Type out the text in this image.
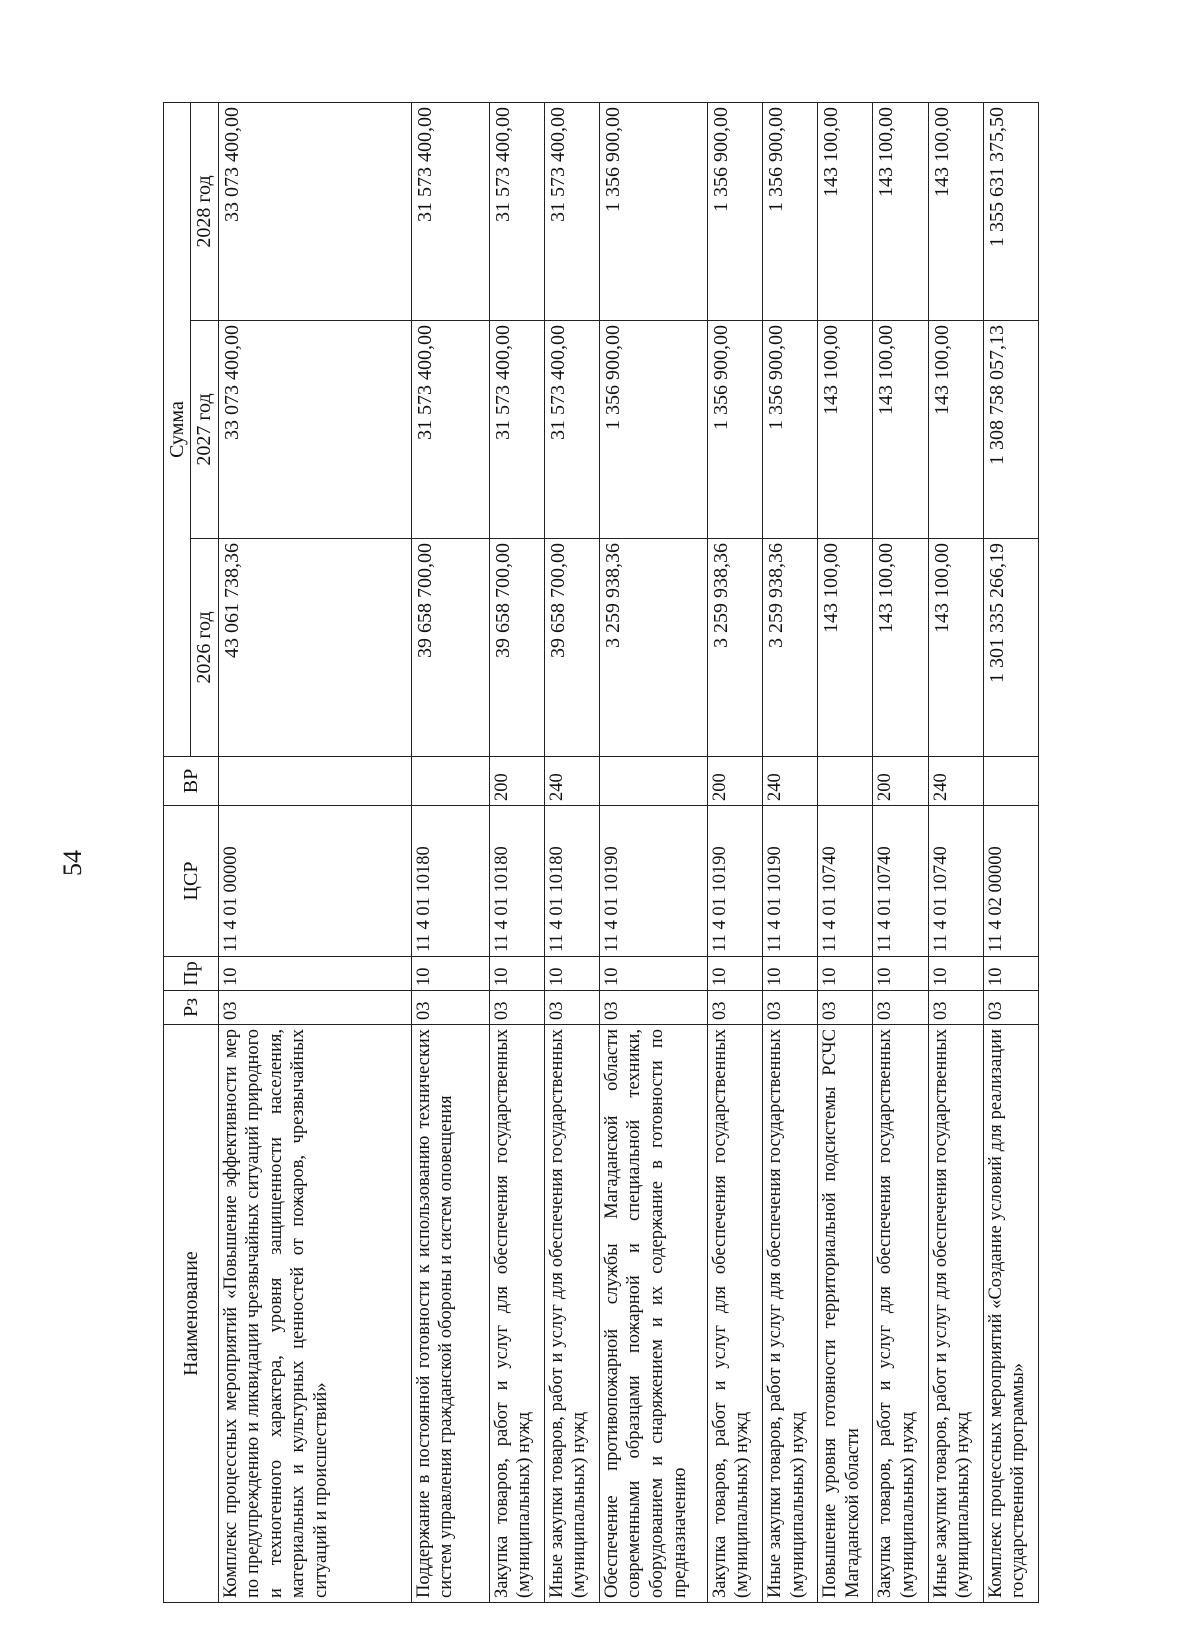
54
Наименование	Рз	Пр	ЦСР	ВР	Сумма		
					2026 год	2027 год	2028 год
Комплекс процессных мероприятий «Повышение эффективности мер по предупреждению и ликвидации чрезвычайных ситуаций природного и техногенного характера, уровня защищенности населения, материальных и культурных ценностей от пожаров, чрезвычайных ситуаций и происшествий»	03	10	11 4 01 00000		43 061 738,36	33 073 400,00	33 073 400,00
Поддержание в постоянной готовности к использованию технических систем управления гражданской обороны и систем оповещения	03	10	11 4 01 10180		39 658 700,00	31 573 400,00	31 573 400,00
Закупка товаров, работ и услуг для обеспечения государственных (муниципальных) нужд	03	10	11 4 01 10180	200	39 658 700,00	31 573 400,00	31 573 400,00
Иные закупки товаров, работ и услуг для обеспечения государственных (муниципальных) нужд	03	10	11 4 01 10180	240	39 658 700,00	31 573 400,00	31 573 400,00
Обеспечение противопожарной службы Магаданской области современными образцами пожарной и специальной техники, оборудованием и снаряжением и их содержание в готовности по предназначению	03	10	11 4 01 10190		3 259 938,36	1 356 900,00	1 356 900,00
Закупка товаров, работ и услуг для обеспечения государственных (муниципальных) нужд	03	10	11 4 01 10190	200	3 259 938,36	1 356 900,00	1 356 900,00
Иные закупки товаров, работ и услуг для обеспечения государственных (муниципальных) нужд	03	10	11 4 01 10190	240	3 259 938,36	1 356 900,00	1 356 900,00
Повышение уровня готовности территориальной подсистемы РСЧС Магаданской области	03	10	11 4 01 10740		143 100,00	143 100,00	143 100,00
Закупка товаров, работ и услуг для обеспечения государственных (муниципальных) нужд	03	10	11 4 01 10740	200	143 100,00	143 100,00	143 100,00
Иные закупки товаров, работ и услуг для обеспечения государственных (муниципальных) нужд	03	10	11 4 01 10740	240	143 100,00	143 100,00	143 100,00
Комплекс процессных мероприятий «Создание условий для реализации государственной программы»	03	10	11 4 02 00000		1 301 335 266,19	1 308 758 057,13	1 355 631 375,50
